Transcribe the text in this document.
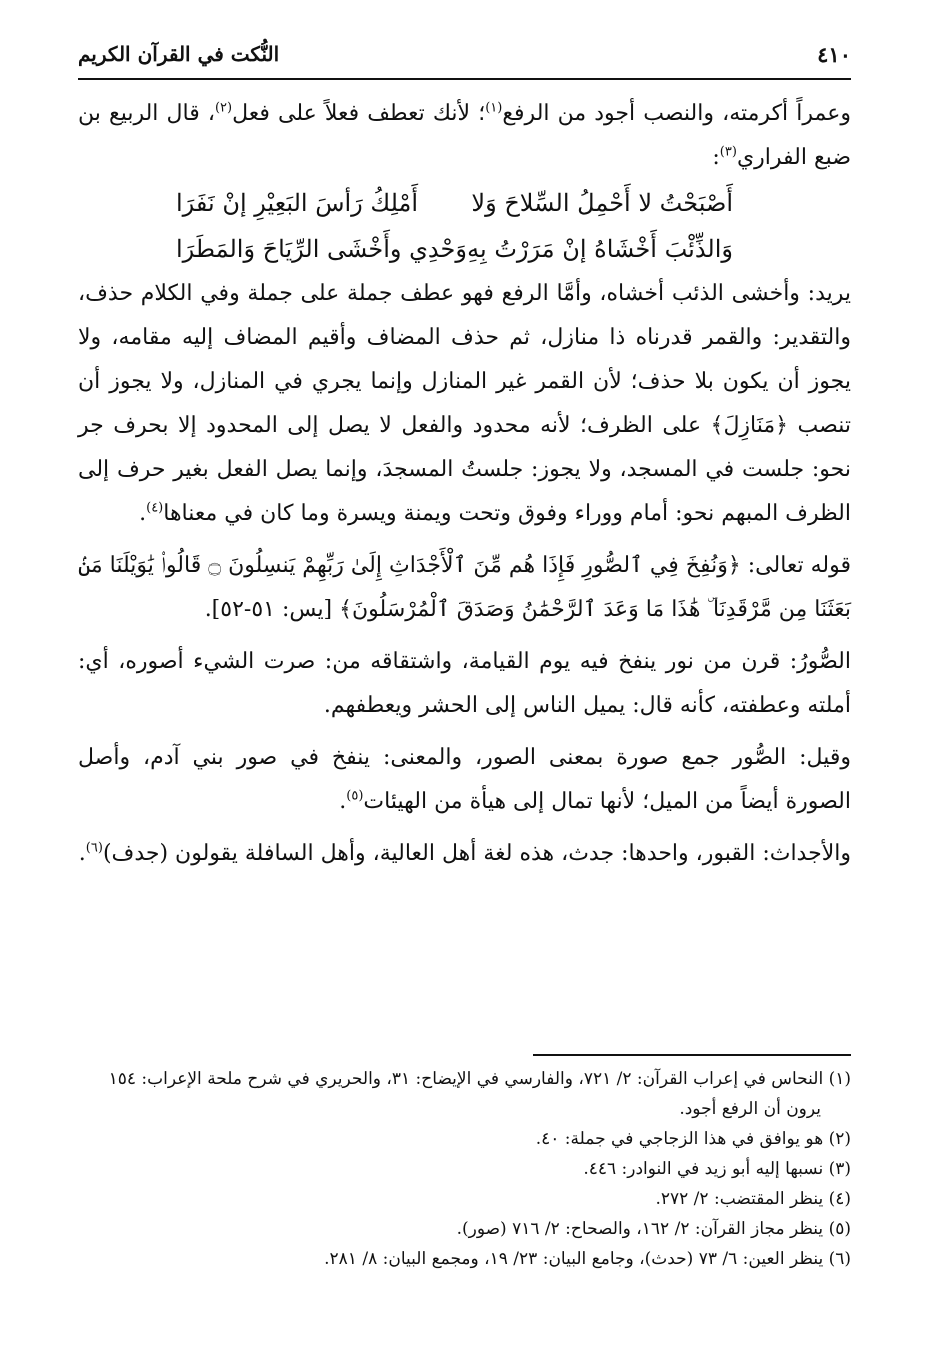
٤١٠
النُّكت في القرآن الكريم

وعمراً أكرمته، والنصب أجود من الرفع$^{(١)}$؛ لأنك تعطف فعلاً على فعل$^{(٢)}$، قال الربيع بن ضبع الفراري$^{(٣)}$:

أَصْبَحْتُ لا أَحْمِلُ السِّلاحَ وَلا
أَمْلِكُ رَأسَ البَعِيْرِ إنْ نَفَرَا
وَالذِّئْبَ أَخْشَاهُ إنْ مَرَرْتُ بِهِ
وَحْدِي وأَخْشَى الرِّيَاحَ وَالمَطَرَا

يريد: وأخشى الذئب أخشاه، وأمَّا الرفع فهو عطف جملة على جملة وفي الكلام حذف، والتقدير: والقمر قدرناه ذا منازل، ثم حذف المضاف وأقيم المضاف إليه مقامه، ولا يجوز أن يكون بلا حذف؛ لأن القمر غير المنازل وإنما يجري في المنازل، ولا يجوز أن تنصب ﴿مَنَازِلَ﴾ على الظرف؛ لأنه محدود والفعل لا يصل إلى المحدود إلا بحرف جر نحو: جلست في المسجد، ولا يجوز: جلستُ المسجدَ، وإنما يصل الفعل بغير حرف إلى الظرف المبهم نحو: أمام ووراء وفوق وتحت ويمنة ويسرة وما كان في معناها$^{(٤)}$.

قوله تعالى: ﴿وَنُفِخَ فِي ٱلصُّورِ فَإِذَا هُم مِّنَ ٱلْأَجْدَاثِ إِلَىٰ رَبِّهِمْ يَنسِلُونَ ۝ قَالُوا۟ يَٰوَيْلَنَا مَنۢ بَعَثَنَا مِن مَّرْقَدِنَا ۜ هَٰذَا مَا وَعَدَ ٱلرَّحْمَٰنُ وَصَدَقَ ٱلْمُرْسَلُونَ﴾ [يس: ٥١-٥٢].

الصُّورُ: قرن من نور ينفخ فيه يوم القيامة، واشتقاقه من: صرت الشيء أصوره، أي: أملته وعطفته، كأنه قال: يميل الناس إلى الحشر ويعطفهم.

وقيل: الصُّور جمع صورة بمعنى الصور، والمعنى: ينفخ في صور بني آدم، وأصل الصورة أيضاً من الميل؛ لأنها تمال إلى هيأة من الهيئات$^{(٥)}$.

والأجداث: القبور، واحدها: جدث، هذه لغة أهل العالية، وأهل السافلة يقولون (جدف)$^{(٦)}$.

(١) النحاس في إعراب القرآن: ٢/ ٧٢١، والفارسي في الإيضاح: ٣١، والحريري في شرح ملحة الإعراب: ١٥٤
يرون أن الرفع أجود.
(٢) هو يوافق في هذا الزجاجي في جملة: ٤٠.
(٣) نسبها إليه أبو زيد في النوادر: ٤٤٦.
(٤) ينظر المقتضب: ٢/ ٢٧٢.
(٥) ينظر مجاز القرآن: ٢/ ١٦٢، والصحاح: ٢/ ٧١٦ (صور).
(٦) ينظر العين: ٦/ ٧٣ (حدث)، وجامع البيان: ٢٣/ ١٩، ومجمع البيان: ٨/ ٢٨١.
